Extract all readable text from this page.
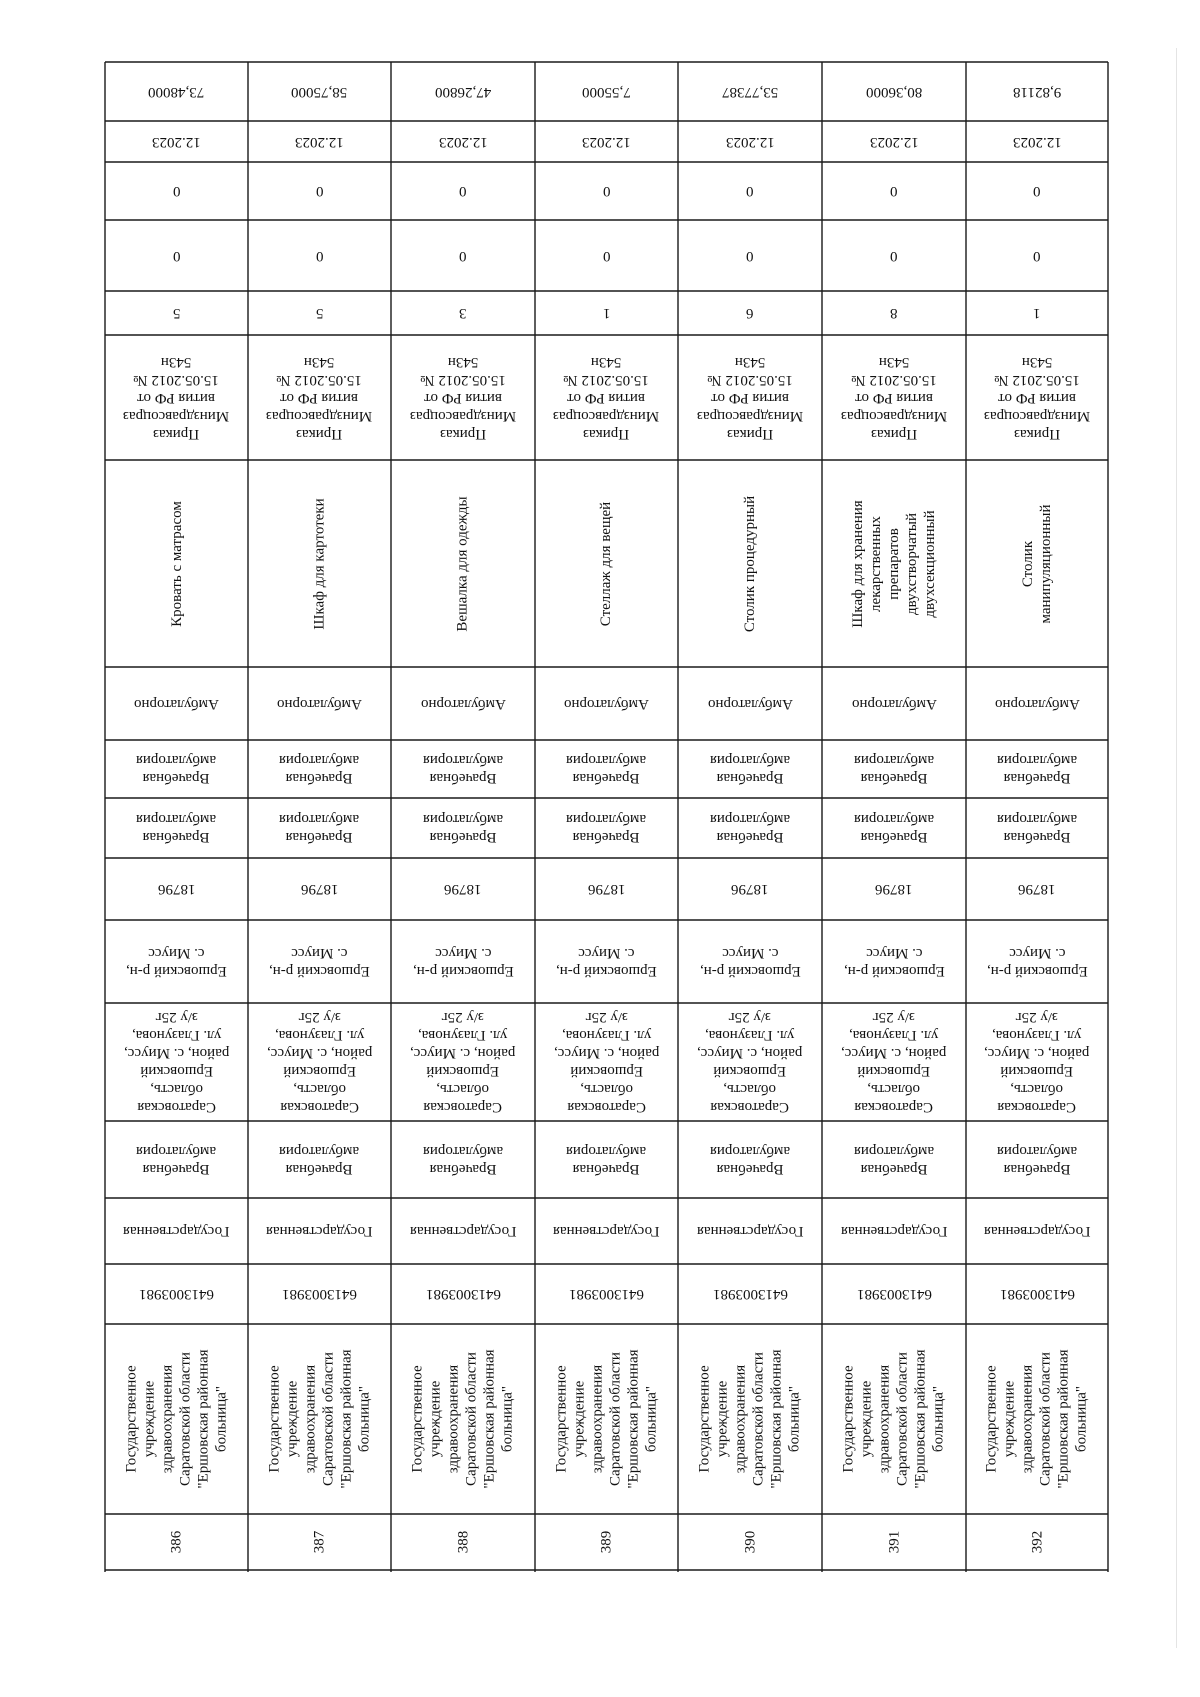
73,48000
12.2023
0
0
5
Приказ
Минздравсоцраз
вития РФ от
15.05.2012 №
543н
Кровать с матрасом
Амбулаторно
Врачебная
амбулатория
Врачебная
амбулатория
18796
Ершовский р-н,
с. Миусс
Саратовская
область,
Ершовский
район, с. Миусс,
ул. Глазунова,
з/у 25г
Врачебная
амбулатория
Государственная
6413003981
Государственное
учреждение
здравоохранения
Саратовской области
"Ершовская районная
больница"
386
58,75000
12.2023
0
0
5
Приказ
Минздравсоцраз
вития РФ от
15.05.2012 №
543н
Шкаф для картотеки
Амбулаторно
Врачебная
амбулатория
Врачебная
амбулатория
18796
Ершовский р-н,
с. Миусс
Саратовская
область,
Ершовский
район, с. Миусс,
ул. Глазунова,
з/у 25г
Врачебная
амбулатория
Государственная
6413003981
Государственное
учреждение
здравоохранения
Саратовской области
"Ершовская районная
больница"
387
47,26800
12.2023
0
0
3
Приказ
Минздравсоцраз
вития РФ от
15.05.2012 №
543н
Вешалка для одежды
Амбулаторно
Врачебная
амбулатория
Врачебная
амбулатория
18796
Ершовский р-н,
с. Миусс
Саратовская
область,
Ершовский
район, с. Миусс,
ул. Глазунова,
з/у 25г
Врачебная
амбулатория
Государственная
6413003981
Государственное
учреждение
здравоохранения
Саратовской области
"Ершовская районная
больница"
388
7,55000
12.2023
0
0
1
Приказ
Минздравсоцраз
вития РФ от
15.05.2012 №
543н
Стеллаж для вещей
Амбулаторно
Врачебная
амбулатория
Врачебная
амбулатория
18796
Ершовский р-н,
с. Миусс
Саратовская
область,
Ершовский
район, с. Миусс,
ул. Глазунова,
з/у 25г
Врачебная
амбулатория
Государственная
6413003981
Государственное
учреждение
здравоохранения
Саратовской области
"Ершовская районная
больница"
389
53,77387
12.2023
0
0
6
Приказ
Минздравсоцраз
вития РФ от
15.05.2012 №
543н
Столик процедурный
Амбулаторно
Врачебная
амбулатория
Врачебная
амбулатория
18796
Ершовский р-н,
с. Миусс
Саратовская
область,
Ершовский
район, с. Миусс,
ул. Глазунова,
з/у 25г
Врачебная
амбулатория
Государственная
6413003981
Государственное
учреждение
здравоохранения
Саратовской области
"Ершовская районная
больница"
390
80,36000
12.2023
0
0
8
Приказ
Минздравсоцраз
вития РФ от
15.05.2012 №
543н
Шкаф для хранения
лекарственных препаратов
двухстворчатый
двухсекционный
Амбулаторно
Врачебная
амбулатория
Врачебная
амбулатория
18796
Ершовский р-н,
с. Миусс
Саратовская
область,
Ершовский
район, с. Миусс,
ул. Глазунова,
з/у 25г
Врачебная
амбулатория
Государственная
6413003981
Государственное
учреждение
здравоохранения
Саратовской области
"Ершовская районная
больница"
391
9,82118
12.2023
0
0
1
Приказ
Минздравсоцраз
вития РФ от
15.05.2012 №
543н
Столик манипуляционный
Амбулаторно
Врачебная
амбулатория
Врачебная
амбулатория
18796
Ершовский р-н,
с. Миусс
Саратовская
область,
Ершовский
район, с. Миусс,
ул. Глазунова,
з/у 25г
Врачебная
амбулатория
Государственная
6413003981
Государственное
учреждение
здравоохранения
Саратовской области
"Ершовская районная
больница"
392
